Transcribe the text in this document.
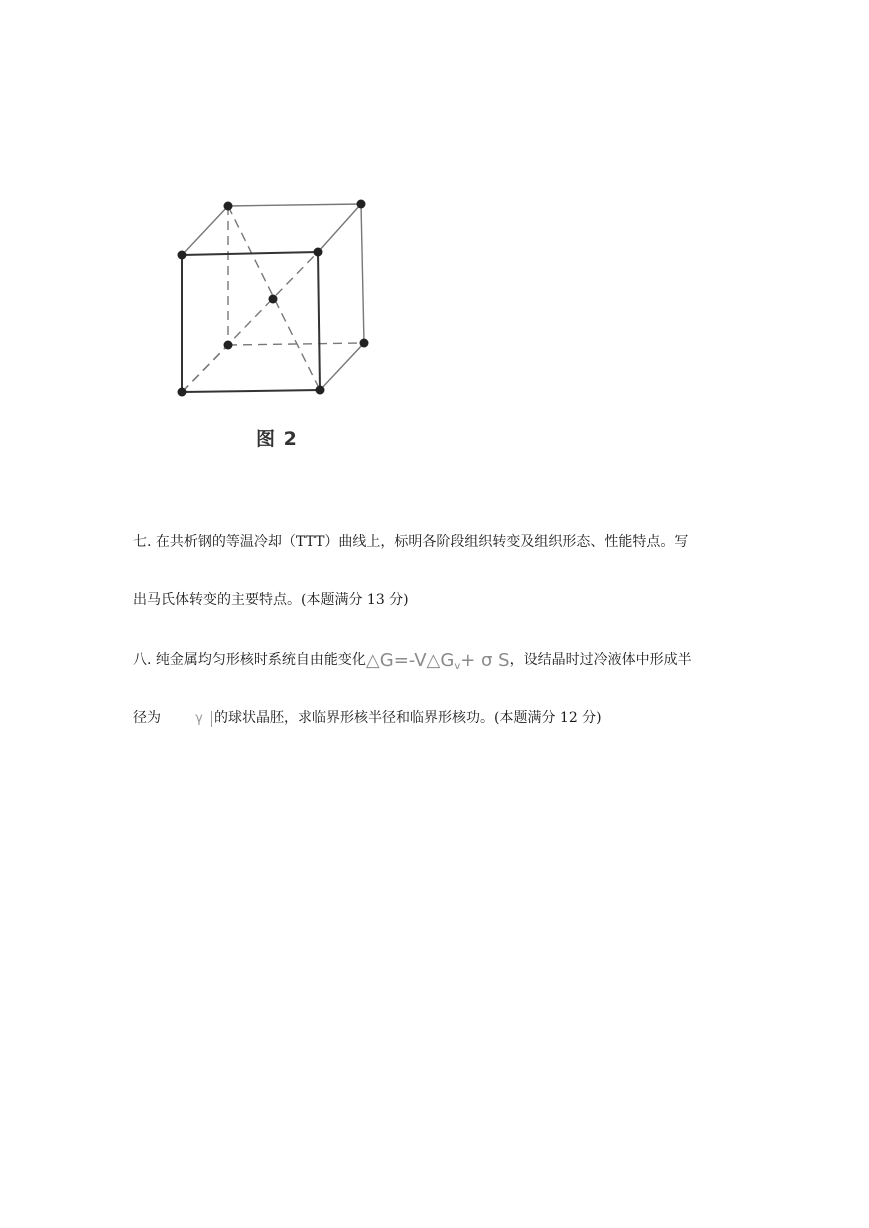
图 2
七. 在共析钢的等温冷却（TTT）曲线上，标明各阶段组织转变及组织形态、性能特点。写
出马氏体转变的主要特点。(本题满分 13 分)
八. 纯金属均匀形核时系统自由能变化$\triangle G=-V\triangle G_v+ \sigma$ S，设结晶时过冷液体中形成半
径为	γ 的球状晶胚，求临界形核半径和临界形核功。(本题满分 12 分)
